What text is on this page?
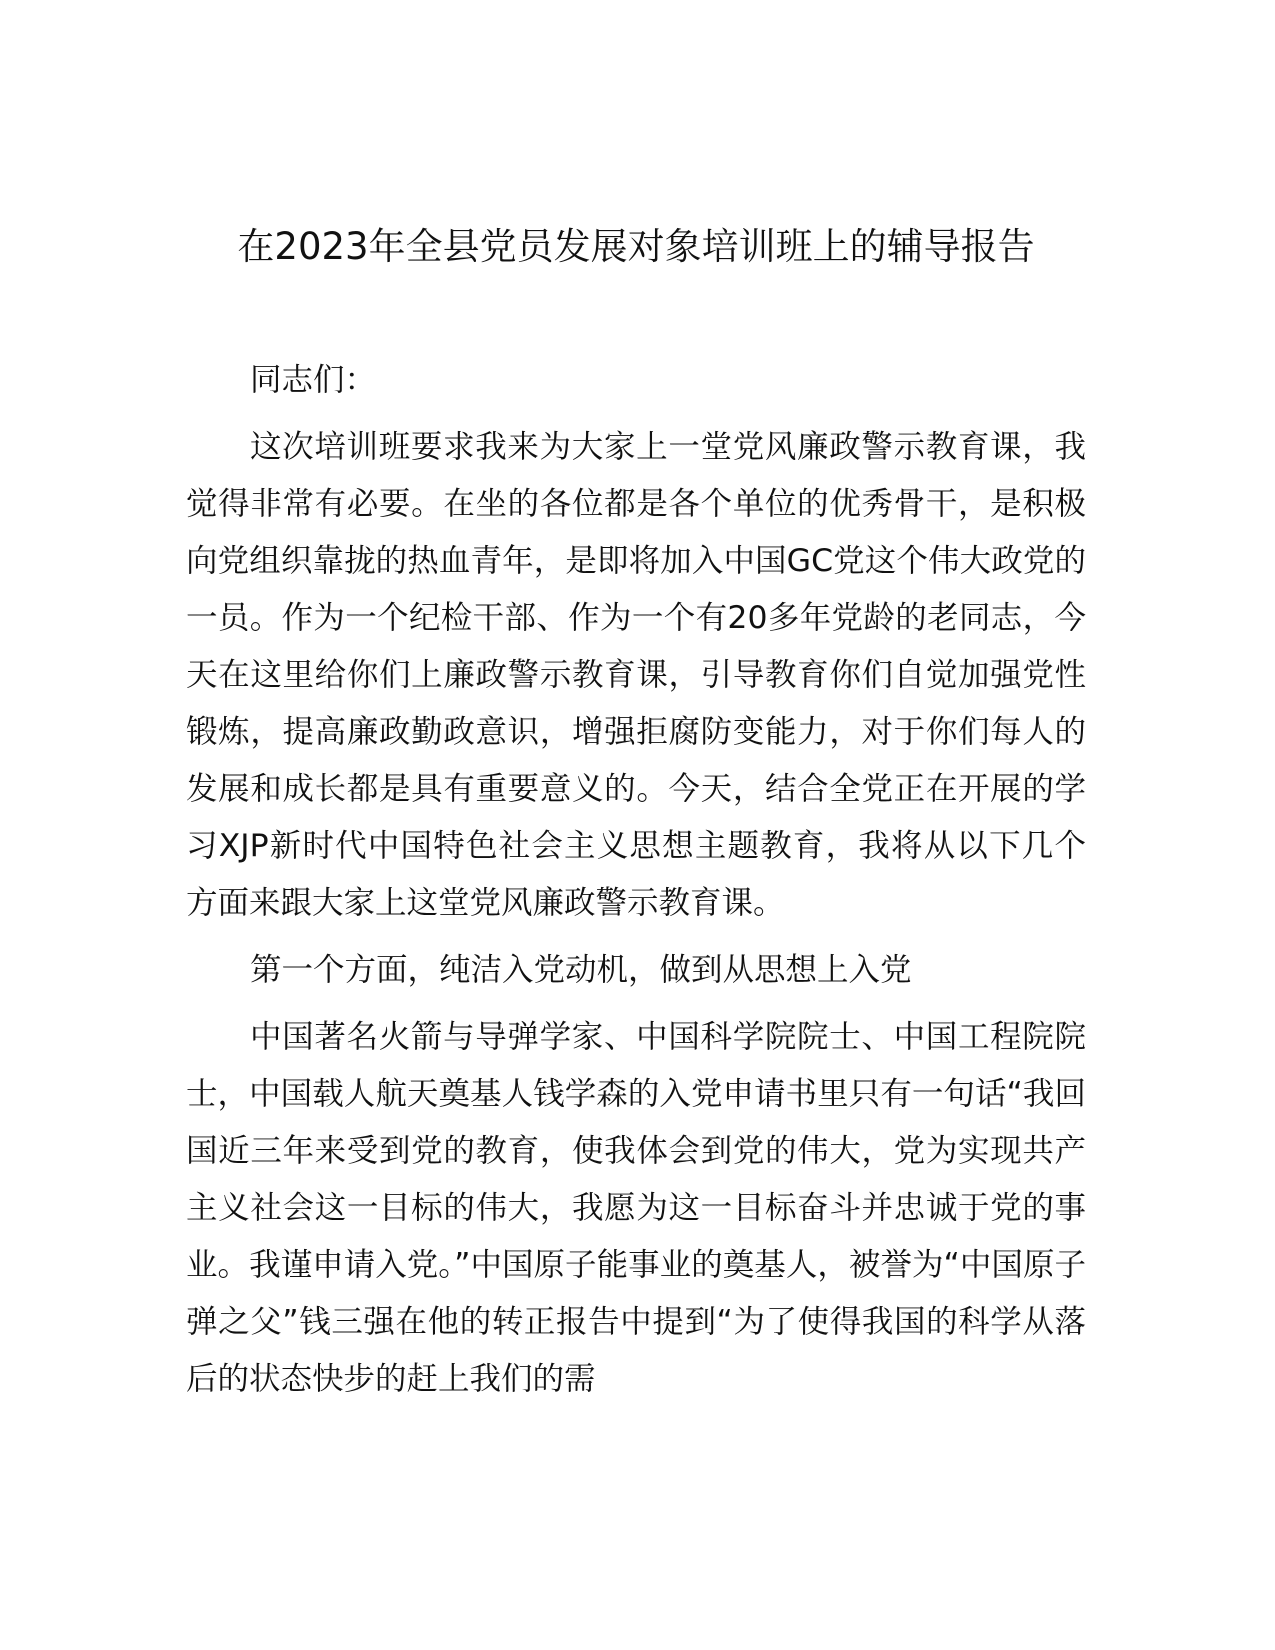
在2023年全县党员发展对象培训班上的辅导报告

同志们：

这次培训班要求我来为大家上一堂党风廉政警示教育课，我觉得非常有必要。在坐的各位都是各个单位的优秀骨干，是积极向党组织靠拢的热血青年，是即将加入中国GC党这个伟大政党的一员。作为一个纪检干部、作为一个有20多年党龄的老同志，今天在这里给你们上廉政警示教育课，引导教育你们自觉加强党性锻炼，提高廉政勤政意识，增强拒腐防变能力，对于你们每人的发展和成长都是具有重要意义的。今天，结合全党正在开展的学习XJP新时代中国特色社会主义思想主题教育，我将从以下几个方面来跟大家上这堂党风廉政警示教育课。

第一个方面，纯洁入党动机，做到从思想上入党

中国著名火箭与导弹学家、中国科学院院士、中国工程院院士，中国载人航天奠基人钱学森的入党申请书里只有一句话“我回国近三年来受到党的教育，使我体会到党的伟大，党为实现共产主义社会这一目标的伟大，我愿为这一目标奋斗并忠诚于党的事业。我谨申请入党。”中国原子能事业的奠基人，被誉为“中国原子弹之父”钱三强在他的转正报告中提到“为了使得我国的科学从落后的状态快步的赶上我们的需
